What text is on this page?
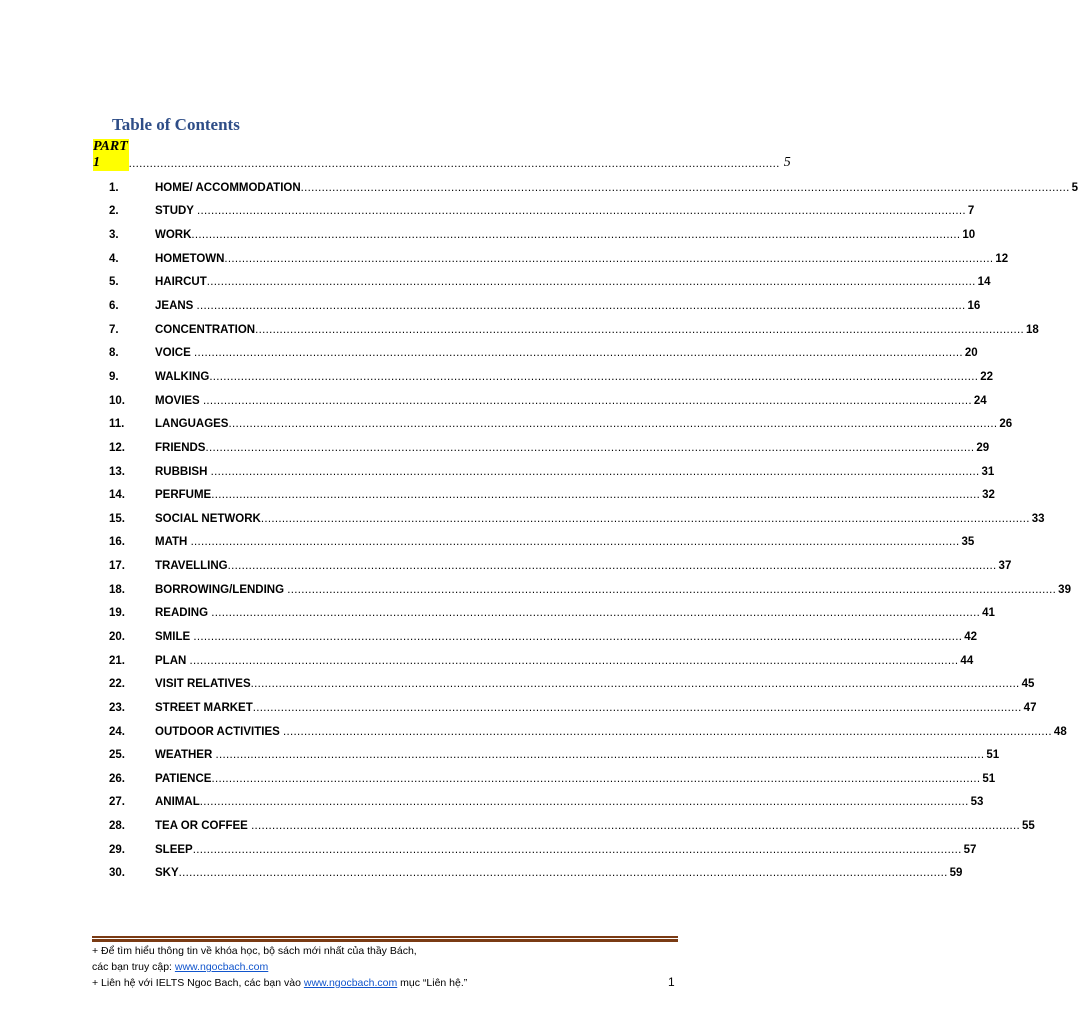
Table of Contents
PART 1	.......................................................................................................................................................................................... 5
1.	HOME/ ACCOMMODATION ............................................................................................................................................................................................................................ 5
2.	STUDY ............................................................................................................................................................................................................................ 7
3.	WORK ............................................................................................................................................................................................................................ 10
4.	HOMETOWN ............................................................................................................................................................................................................................ 12
5.	HAIRCUT ............................................................................................................................................................................................................................ 14
6.	JEANS ............................................................................................................................................................................................................................ 16
7.	CONCENTRATION ............................................................................................................................................................................................................................ 18
8.	VOICE ............................................................................................................................................................................................................................ 20
9.	WALKING ............................................................................................................................................................................................................................ 22
10.	MOVIES ............................................................................................................................................................................................................................ 24
11.	LANGUAGES ............................................................................................................................................................................................................................ 26
12.	FRIENDS ............................................................................................................................................................................................................................ 29
13.	RUBBISH ............................................................................................................................................................................................................................ 31
14.	PERFUME ............................................................................................................................................................................................................................ 32
15.	SOCIAL NETWORK ............................................................................................................................................................................................................................ 33
16.	MATH ............................................................................................................................................................................................................................ 35
17.	TRAVELLING ............................................................................................................................................................................................................................ 37
18.	BORROWING/LENDING ............................................................................................................................................................................................................................ 39
19.	READING ............................................................................................................................................................................................................................ 41
20.	SMILE ............................................................................................................................................................................................................................ 42
21.	PLAN ............................................................................................................................................................................................................................ 44
22.	VISIT RELATIVES ............................................................................................................................................................................................................................ 45
23.	STREET MARKET ............................................................................................................................................................................................................................ 47
24.	OUTDOOR ACTIVITIES ............................................................................................................................................................................................................................ 48
25.	WEATHER ............................................................................................................................................................................................................................ 51
26.	PATIENCE ............................................................................................................................................................................................................................ 51
27.	ANIMAL ............................................................................................................................................................................................................................ 53
28.	TEA OR COFFEE ............................................................................................................................................................................................................................ 55
29.	SLEEP ............................................................................................................................................................................................................................ 57
30.	SKY ............................................................................................................................................................................................................................ 59
+ Để tìm hiểu thông tin về khóa học, bộ sách mới nhất của thầy Bách,
các bạn truy cập: www.ngocbach.com
+ Liên hệ với IELTS Ngoc Bach, các bạn vào www.ngocbach.com mục “Liên hệ.”	1
